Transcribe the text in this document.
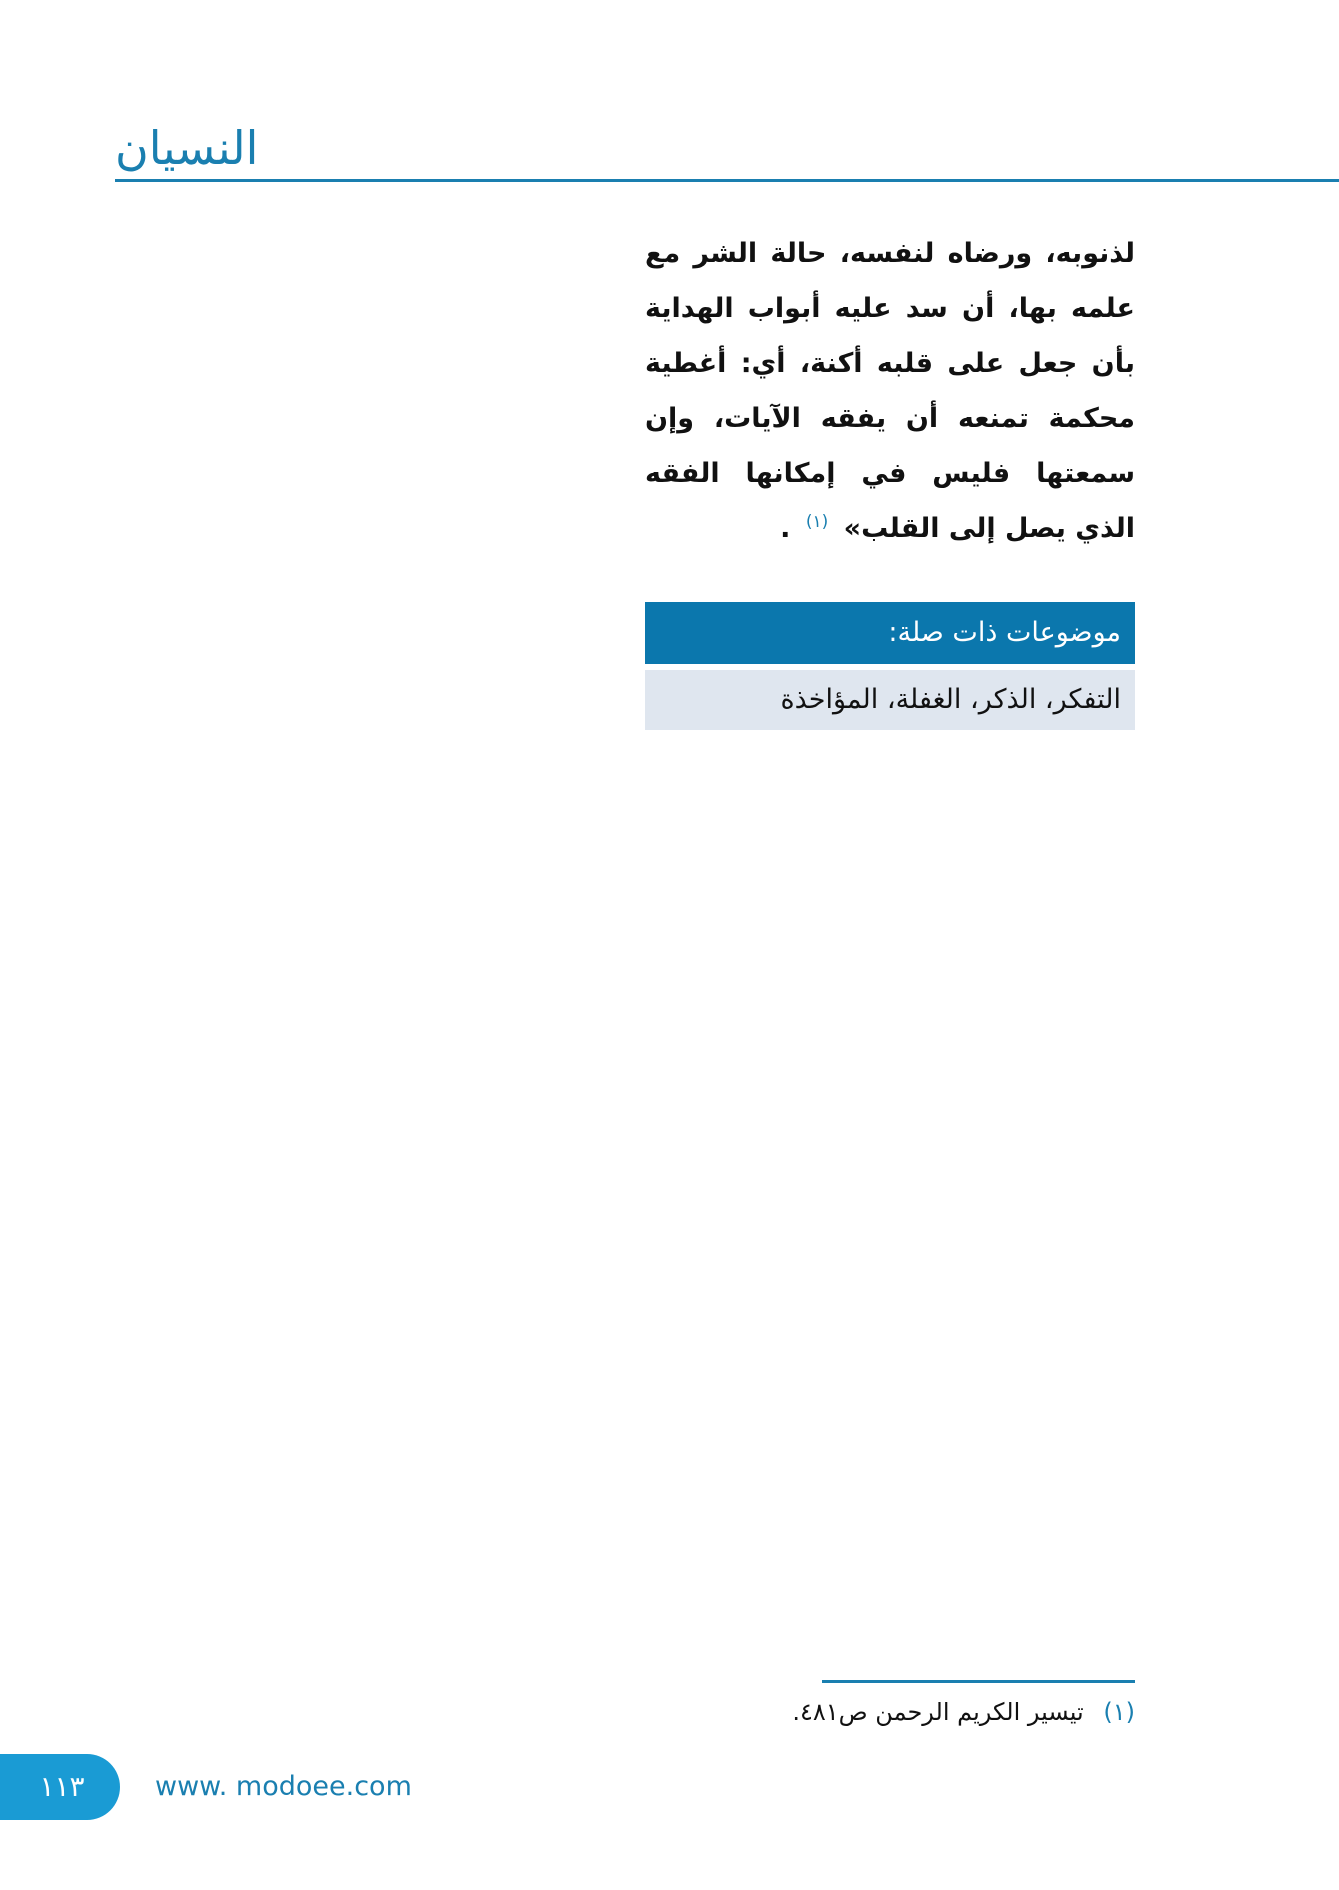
النسيان
لذنوبه، ورضاه لنفسه، حالة الشر مع علمه بها، أن سد عليه أبواب الهداية بأن جعل على قلبه أكنة، أي: أغطية محكمة تمنعه أن يفقه الآيات، وإن سمعتها فليس في إمكانها الفقه الذي يصل إلى القلب» $^{(١)}$ .
موضوعات ذات صلة:
التفكر، الذكر، الغفلة، المؤاخذة
(١) تيسير الكريم الرحمن ص٤٨١.
١١٣	www. modoee.com
